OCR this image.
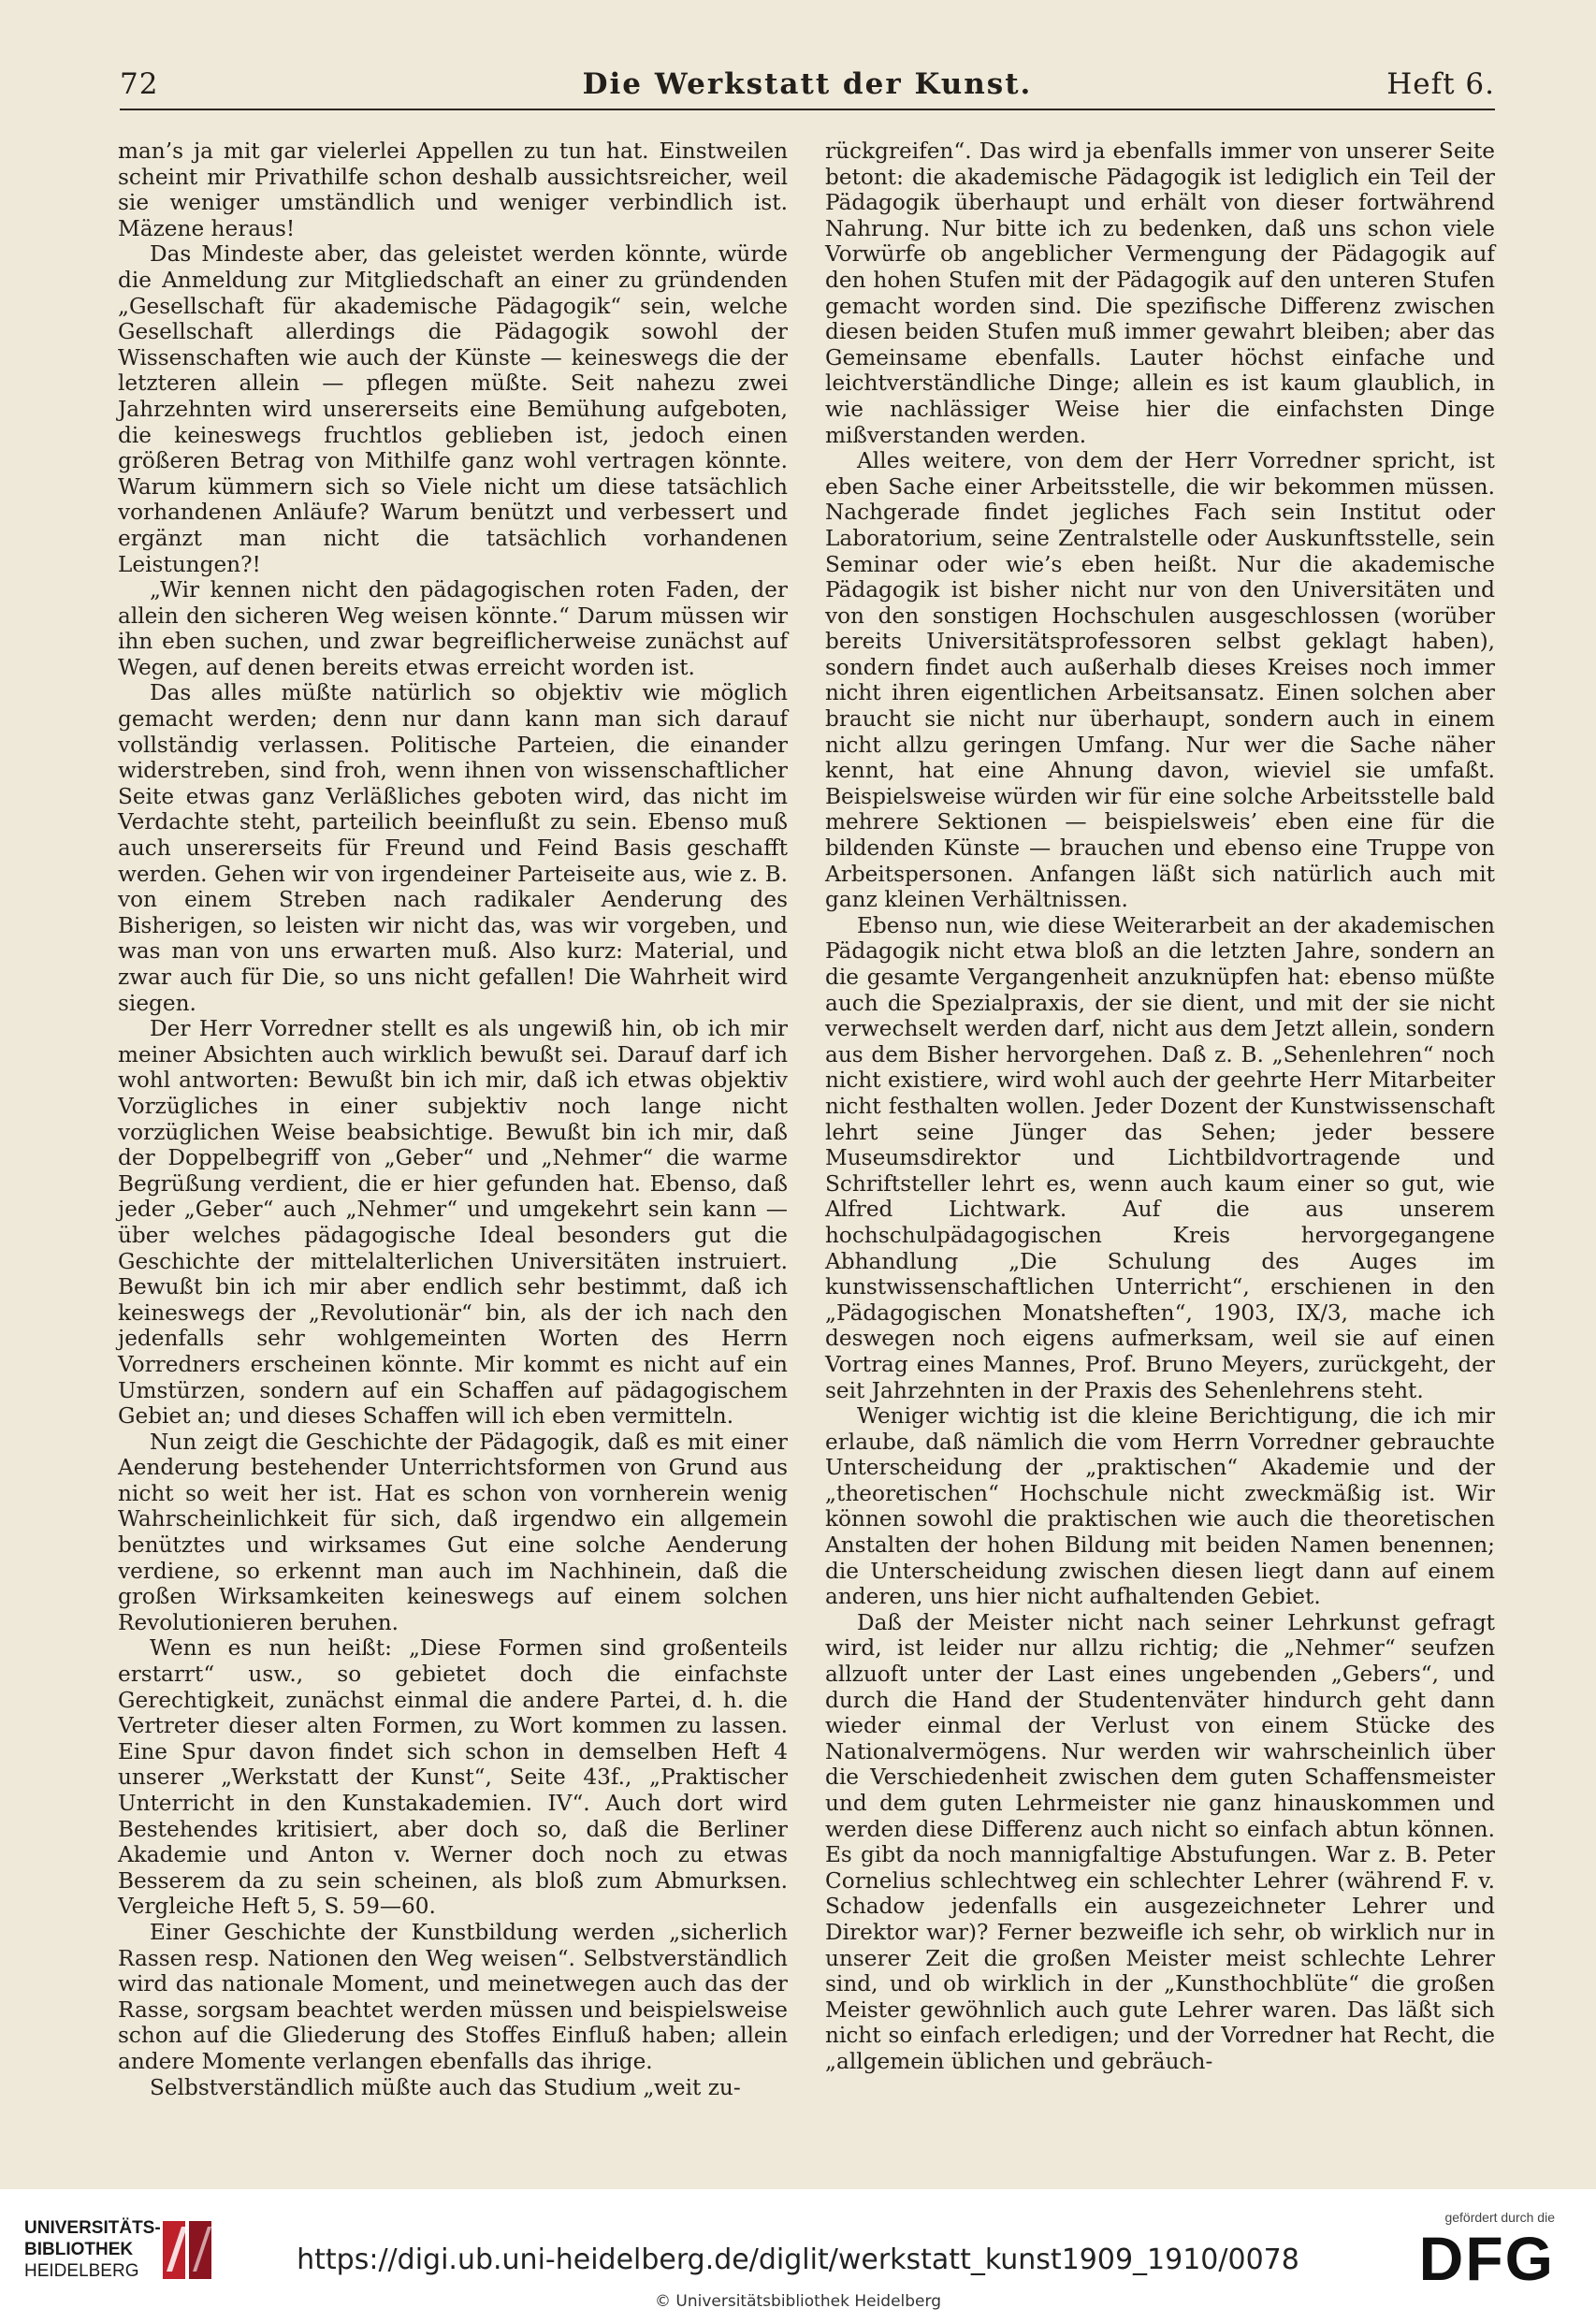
72	Die Werkstatt der Kunst.	Heft 6.

man’s ja mit gar vielerlei Appellen zu tun hat. Einstweilen scheint mir Privathilfe schon deshalb aussichtsreicher, weil sie weniger umständlich und weniger verbindlich ist. Mäzene heraus!

Das Mindeste aber, das geleistet werden könnte, würde die Anmeldung zur Mitgliedschaft an einer zu gründenden „Gesellschaft für akademische Pädagogik“ sein, welche Gesellschaft allerdings die Pädagogik sowohl der Wissenschaften wie auch der Künste — keineswegs die der letzteren allein — pflegen müßte. Seit nahezu zwei Jahrzehnten wird unsererseits eine Bemühung aufgeboten, die keineswegs fruchtlos geblieben ist, jedoch einen größeren Betrag von Mithilfe ganz wohl vertragen könnte. Warum kümmern sich so Viele nicht um diese tatsächlich vorhandenen Anläufe? Warum benützt und verbessert und ergänzt man nicht die tatsächlich vorhandenen Leistungen?!

„Wir kennen nicht den pädagogischen roten Faden, der allein den sicheren Weg weisen könnte.“ Darum müssen wir ihn eben suchen, und zwar begreiflicherweise zunächst auf Wegen, auf denen bereits etwas erreicht worden ist.

Das alles müßte natürlich so objektiv wie möglich gemacht werden; denn nur dann kann man sich darauf vollständig verlassen. Politische Parteien, die einander widerstreben, sind froh, wenn ihnen von wissenschaftlicher Seite etwas ganz Verläßliches geboten wird, das nicht im Verdachte steht, parteilich beeinflußt zu sein. Ebenso muß auch unsererseits für Freund und Feind Basis geschafft werden. Gehen wir von irgendeiner Parteiseite aus, wie z. B. von einem Streben nach radikaler Aenderung des Bisherigen, so leisten wir nicht das, was wir vorgeben, und was man von uns erwarten muß. Also kurz: Material, und zwar auch für Die, so uns nicht gefallen! Die Wahrheit wird siegen.

Der Herr Vorredner stellt es als ungewiß hin, ob ich mir meiner Absichten auch wirklich bewußt sei. Darauf darf ich wohl antworten: Bewußt bin ich mir, daß ich etwas objektiv Vorzügliches in einer subjektiv noch lange nicht vorzüglichen Weise beabsichtige. Bewußt bin ich mir, daß der Doppelbegriff von „Geber“ und „Nehmer“ die warme Begrüßung verdient, die er hier gefunden hat. Ebenso, daß jeder „Geber“ auch „Nehmer“ und umgekehrt sein kann — über welches pädagogische Ideal besonders gut die Geschichte der mittelalterlichen Universitäten instruiert. Bewußt bin ich mir aber endlich sehr bestimmt, daß ich keineswegs der „Revolutionär“ bin, als der ich nach den jedenfalls sehr wohlgemeinten Worten des Herrn Vorredners erscheinen könnte. Mir kommt es nicht auf ein Umstürzen, sondern auf ein Schaffen auf pädagogischem Gebiet an; und dieses Schaffen will ich eben vermitteln.

Nun zeigt die Geschichte der Pädagogik, daß es mit einer Aenderung bestehender Unterrichtsformen von Grund aus nicht so weit her ist. Hat es schon von vornherein wenig Wahrscheinlichkeit für sich, daß irgendwo ein allgemein benütztes und wirksames Gut eine solche Aenderung verdiene, so erkennt man auch im Nachhinein, daß die großen Wirksamkeiten keineswegs auf einem solchen Revolutionieren beruhen.

Wenn es nun heißt: „Diese Formen sind großenteils erstarrt“ usw., so gebietet doch die einfachste Gerechtigkeit, zunächst einmal die andere Partei, d. h. die Vertreter dieser alten Formen, zu Wort kommen zu lassen. Eine Spur davon findet sich schon in demselben Heft 4 unserer „Werkstatt der Kunst“, Seite 43f., „Praktischer Unterricht in den Kunstakademien. IV“. Auch dort wird Bestehendes kritisiert, aber doch so, daß die Berliner Akademie und Anton v. Werner doch noch zu etwas Besserem da zu sein scheinen, als bloß zum Abmurksen. Vergleiche Heft 5, S. 59—60.

Einer Geschichte der Kunstbildung werden „sicherlich Rassen resp. Nationen den Weg weisen“. Selbstverständlich wird das nationale Moment, und meinetwegen auch das der Rasse, sorgsam beachtet werden müssen und beispielsweise schon auf die Gliederung des Stoffes Einfluß haben; allein andere Momente verlangen ebenfalls das ihrige.

Selbstverständlich müßte auch das Studium „weit zu-

rückgreifen“. Das wird ja ebenfalls immer von unserer Seite betont: die akademische Pädagogik ist lediglich ein Teil der Pädagogik überhaupt und erhält von dieser fortwährend Nahrung. Nur bitte ich zu bedenken, daß uns schon viele Vorwürfe ob angeblicher Vermengung der Pädagogik auf den hohen Stufen mit der Pädagogik auf den unteren Stufen gemacht worden sind. Die spezifische Differenz zwischen diesen beiden Stufen muß immer gewahrt bleiben; aber das Gemeinsame ebenfalls. Lauter höchst einfache und leichtverständliche Dinge; allein es ist kaum glaublich, in wie nachlässiger Weise hier die einfachsten Dinge mißverstanden werden.

Alles weitere, von dem der Herr Vorredner spricht, ist eben Sache einer Arbeitsstelle, die wir bekommen müssen. Nachgerade findet jegliches Fach sein Institut oder Laboratorium, seine Zentralstelle oder Auskunftsstelle, sein Seminar oder wie’s eben heißt. Nur die akademische Pädagogik ist bisher nicht nur von den Universitäten und von den sonstigen Hochschulen ausgeschlossen (worüber bereits Universitätsprofessoren selbst geklagt haben), sondern findet auch außerhalb dieses Kreises noch immer nicht ihren eigentlichen Arbeitsansatz. Einen solchen aber braucht sie nicht nur überhaupt, sondern auch in einem nicht allzu geringen Umfang. Nur wer die Sache näher kennt, hat eine Ahnung davon, wieviel sie umfaßt. Beispielsweise würden wir für eine solche Arbeitsstelle bald mehrere Sektionen — beispielsweis’ eben eine für die bildenden Künste — brauchen und ebenso eine Truppe von Arbeitspersonen. Anfangen läßt sich natürlich auch mit ganz kleinen Verhältnissen.

Ebenso nun, wie diese Weiterarbeit an der akademischen Pädagogik nicht etwa bloß an die letzten Jahre, sondern an die gesamte Vergangenheit anzuknüpfen hat: ebenso müßte auch die Spezialpraxis, der sie dient, und mit der sie nicht verwechselt werden darf, nicht aus dem Jetzt allein, sondern aus dem Bisher hervorgehen. Daß z. B. „Sehenlehren“ noch nicht existiere, wird wohl auch der geehrte Herr Mitarbeiter nicht festhalten wollen. Jeder Dozent der Kunstwissenschaft lehrt seine Jünger das Sehen; jeder bessere Museumsdirektor und Lichtbildvortragende und Schriftsteller lehrt es, wenn auch kaum einer so gut, wie Alfred Lichtwark. Auf die aus unserem hochschulpädagogischen Kreis hervorgegangene Abhandlung „Die Schulung des Auges im kunstwissenschaftlichen Unterricht“, erschienen in den „Pädagogischen Monatsheften“, 1903, IX/3, mache ich deswegen noch eigens aufmerksam, weil sie auf einen Vortrag eines Mannes, Prof. Bruno Meyers, zurückgeht, der seit Jahrzehnten in der Praxis des Sehenlehrens steht.

Weniger wichtig ist die kleine Berichtigung, die ich mir erlaube, daß nämlich die vom Herrn Vorredner gebrauchte Unterscheidung der „praktischen“ Akademie und der „theoretischen“ Hochschule nicht zweckmäßig ist. Wir können sowohl die praktischen wie auch die theoretischen Anstalten der hohen Bildung mit beiden Namen benennen; die Unterscheidung zwischen diesen liegt dann auf einem anderen, uns hier nicht aufhaltenden Gebiet.

Daß der Meister nicht nach seiner Lehrkunst gefragt wird, ist leider nur allzu richtig; die „Nehmer“ seufzen allzuoft unter der Last eines ungebenden „Gebers“, und durch die Hand der Studentenväter hindurch geht dann wieder einmal der Verlust von einem Stücke des Nationalvermögens. Nur werden wir wahrscheinlich über die Verschiedenheit zwischen dem guten Schaffensmeister und dem guten Lehrmeister nie ganz hinauskommen und werden diese Differenz auch nicht so einfach abtun können. Es gibt da noch mannigfaltige Abstufungen. War z. B. Peter Cornelius schlechtweg ein schlechter Lehrer (während F. v. Schadow jedenfalls ein ausgezeichneter Lehrer und Direktor war)? Ferner bezweifle ich sehr, ob wirklich nur in unserer Zeit die großen Meister meist schlechte Lehrer sind, und ob wirklich in der „Kunsthochblüte“ die großen Meister gewöhnlich auch gute Lehrer waren. Das läßt sich nicht so einfach erledigen; und der Vorredner hat Recht, die „allgemein üblichen und gebräuch-

UNIVERSITÄTS-
BIBLIOTHEK
HEIDELBERG	https://digi.ub.uni-heidelberg.de/diglit/werkstatt_kunst1909_1910/0078
© Universitätsbibliothek Heidelberg
gefördert durch die
DFG
